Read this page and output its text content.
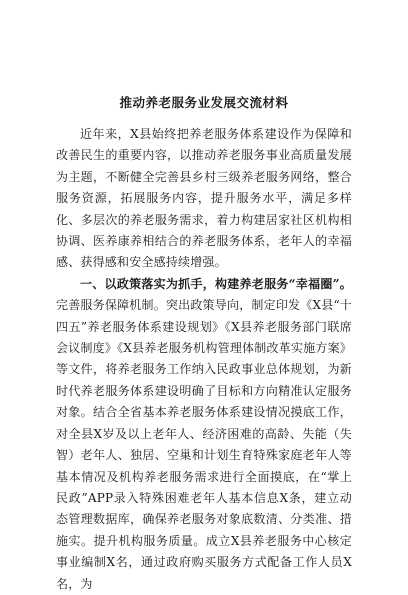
推动养老服务业发展交流材料

近年来，X县始终把养老服务体系建设作为保障和改善民生的重要内容，以推动养老服务事业高质量发展为主题，不断健全完善县乡村三级养老服务网络，整合服务资源，拓展服务内容，提升服务水平，满足多样化、多层次的养老服务需求，着力构建居家社区机构相协调、医养康养相结合的养老服务体系，老年人的幸福感、获得感和安全感持续增强。

一、以政策落实为抓手，构建养老服务“幸福圈”。完善服务保障机制。突出政策导向，制定印发《X县“十四五”养老服务体系建设规划》《X县养老服务部门联席会议制度》《X县养老服务机构管理体制改革实施方案》等文件，将养老服务工作纳入民政事业总体规划，为新时代养老服务体系建设明确了目标和方向精准认定服务对象。结合全省基本养老服务体系建设情况摸底工作，对全县X岁及以上老年人、经济困难的高龄、失能（失智）老年人、独居、空巢和计划生育特殊家庭老年人等基本情况及机构养老服务需求进行全面摸底，在“掌上民政”APP录入特殊困难老年人基本信息X条，建立动态管理数据库，确保养老服务对象底数清、分类准、措施实。提升机构服务质量。成立X县养老服务中心核定事业编制X名，通过政府购买服务方式配备工作人员X名，为
